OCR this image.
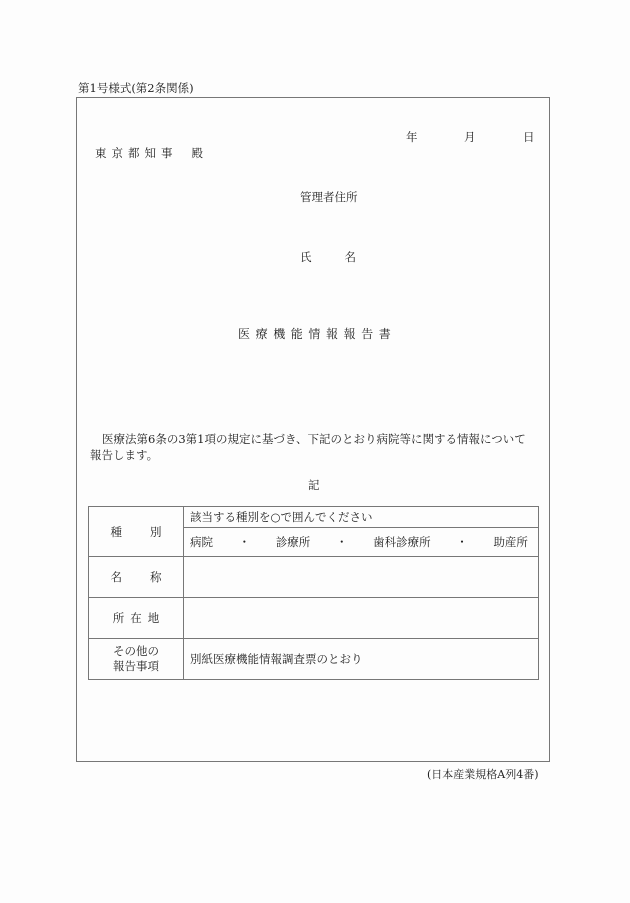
第1号様式(第2条関係)
年	月	日
東京都知事 殿
管理者住所
氏	名
医療機能情報報告書
医療法第6条の3第1項の規定に基づき、下記のとおり病院等に関する情報について
報告します。
記
種 別	該当する種別を○で囲んでください

病院 ・ 診療所 ・ 歯科診療所 ・ 助産所

名 称	
所 在 地	

その他の
報告事項	別紙医療機能情報調査票のとおり
(日本産業規格A列4番)
